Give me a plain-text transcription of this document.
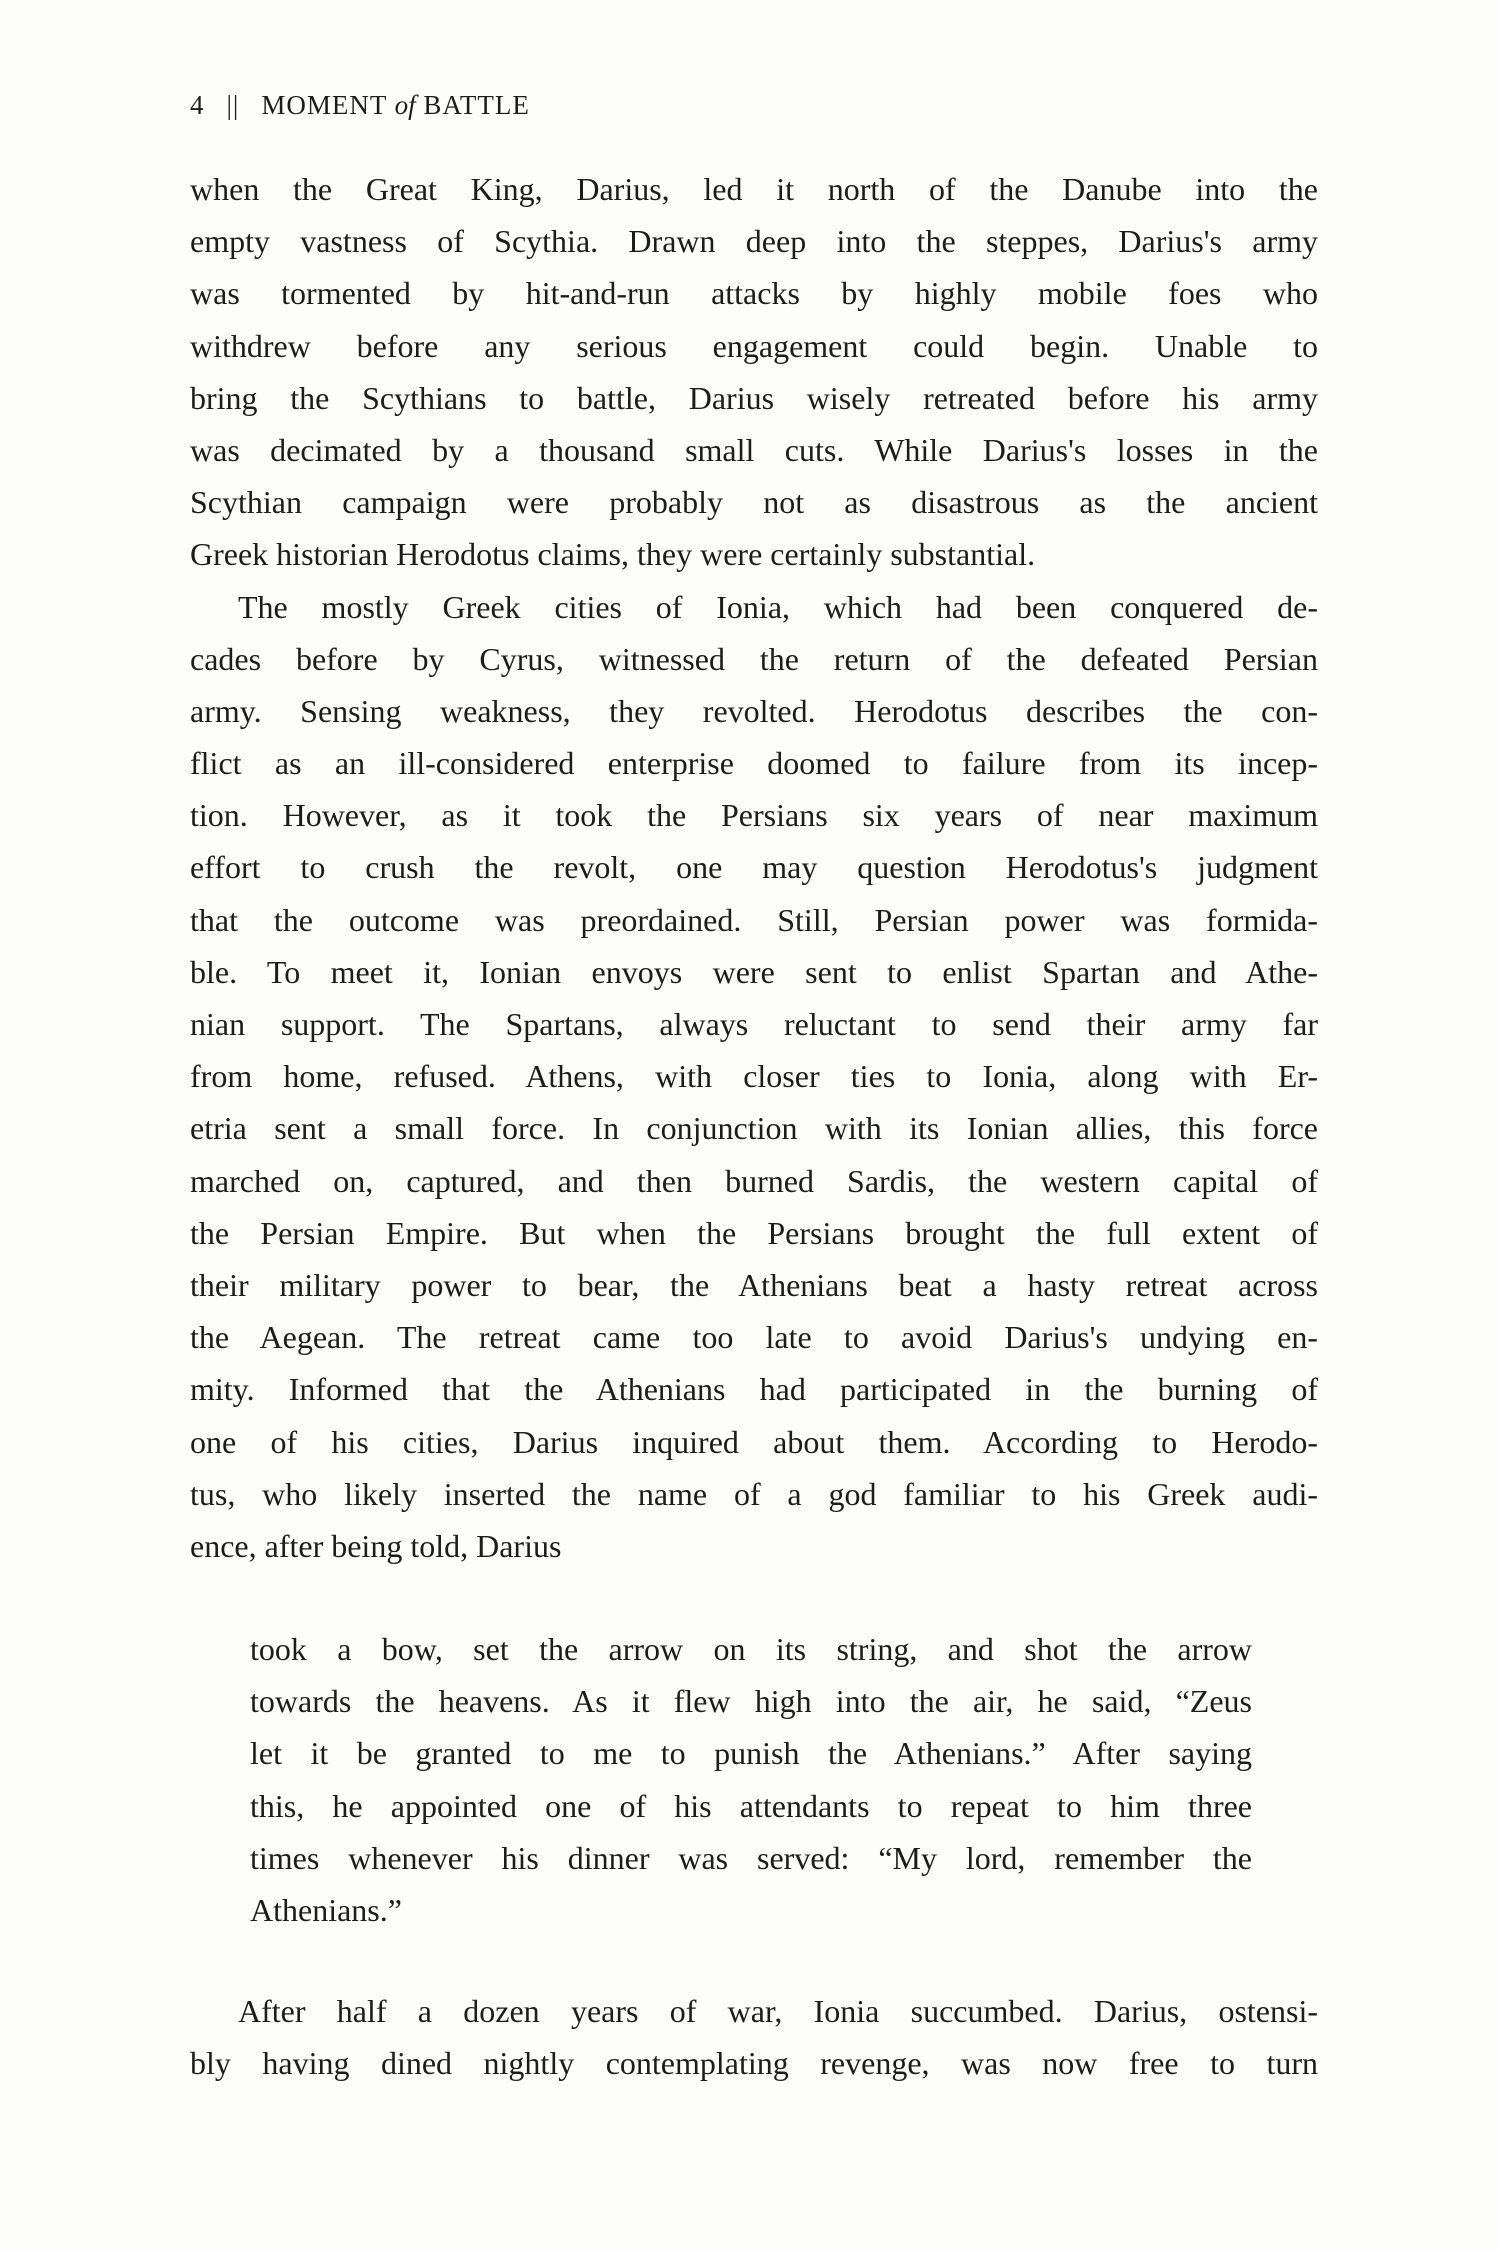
4 || MOMENT of BATTLE
when the Great King, Darius, led it north of the Danube into the
empty vastness of Scythia. Drawn deep into the steppes, Darius's army
was tormented by hit-and-run attacks by highly mobile foes who
withdrew before any serious engagement could begin. Unable to
bring the Scythians to battle, Darius wisely retreated before his army
was decimated by a thousand small cuts. While Darius's losses in the
Scythian campaign were probably not as disastrous as the ancient
Greek historian Herodotus claims, they were certainly substantial.
The mostly Greek cities of Ionia, which had been conquered de-
cades before by Cyrus, witnessed the return of the defeated Persian
army. Sensing weakness, they revolted. Herodotus describes the con-
flict as an ill-considered enterprise doomed to failure from its incep-
tion. However, as it took the Persians six years of near maximum
effort to crush the revolt, one may question Herodotus's judgment
that the outcome was preordained. Still, Persian power was formida-
ble. To meet it, Ionian envoys were sent to enlist Spartan and Athe-
nian support. The Spartans, always reluctant to send their army far
from home, refused. Athens, with closer ties to Ionia, along with Er-
etria sent a small force. In conjunction with its Ionian allies, this force
marched on, captured, and then burned Sardis, the western capital of
the Persian Empire. But when the Persians brought the full extent of
their military power to bear, the Athenians beat a hasty retreat across
the Aegean. The retreat came too late to avoid Darius's undying en-
mity. Informed that the Athenians had participated in the burning of
one of his cities, Darius inquired about them. According to Herodo-
tus, who likely inserted the name of a god familiar to his Greek audi-
ence, after being told, Darius
took a bow, set the arrow on its string, and shot the arrow
towards the heavens. As it flew high into the air, he said, “Zeus
let it be granted to me to punish the Athenians.” After saying
this, he appointed one of his attendants to repeat to him three
times whenever his dinner was served: “My lord, remember the
Athenians.”
After half a dozen years of war, Ionia succumbed. Darius, ostensi-
bly having dined nightly contemplating revenge, was now free to turn
